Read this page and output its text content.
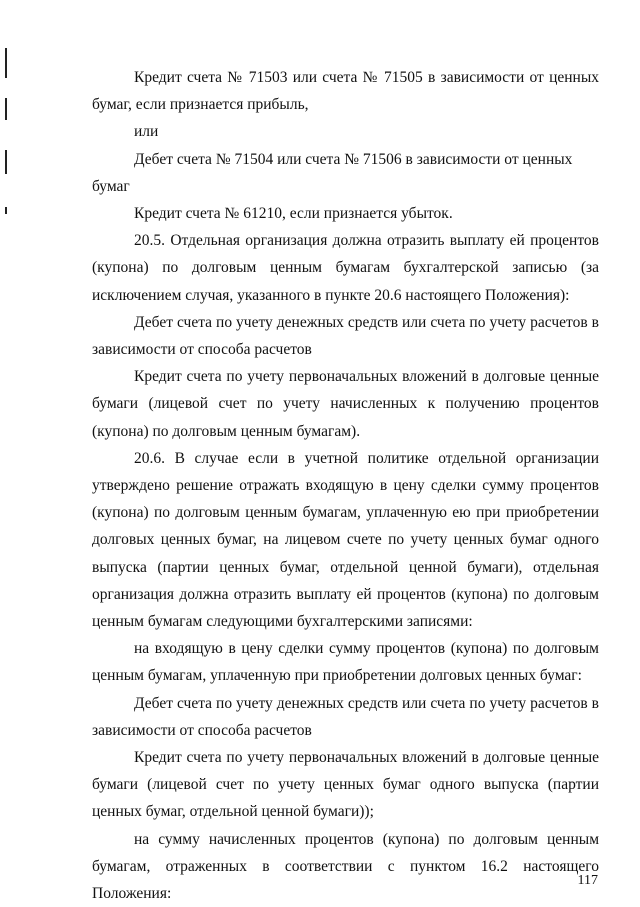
Кредит счета № 71503 или счета № 71505 в зависимости от ценных бумаг, если признается прибыль,

или

Дебет счета № 71504 или счета № 71506 в зависимости от ценных бумаг

Кредит счета № 61210, если признается убыток.

20.5. Отдельная организация должна отразить выплату ей процентов (купона) по долговым ценным бумагам бухгалтерской записью (за исключением случая, указанного в пункте 20.6 настоящего Положения):

Дебет счета по учету денежных средств или счета по учету расчетов в зависимости от способа расчетов

Кредит счета по учету первоначальных вложений в долговые ценные бумаги (лицевой счет по учету начисленных к получению процентов (купона) по долговым ценным бумагам).

20.6. В случае если в учетной политике отдельной организации утверждено решение отражать входящую в цену сделки сумму процентов (купона) по долговым ценным бумагам, уплаченную ею при приобретении долговых ценных бумаг, на лицевом счете по учету ценных бумаг одного выпуска (партии ценных бумаг, отдельной ценной бумаги), отдельная организация должна отразить выплату ей процентов (купона) по долговым ценным бумагам следующими бухгалтерскими записями:

на входящую в цену сделки сумму процентов (купона) по долговым ценным бумагам, уплаченную при приобретении долговых ценных бумаг:

Дебет счета по учету денежных средств или счета по учету расчетов в зависимости от способа расчетов

Кредит счета по учету первоначальных вложений в долговые ценные бумаги (лицевой счет по учету ценных бумаг одного выпуска (партии ценных бумаг, отдельной ценной бумаги));

на сумму начисленных процентов (купона) по долговым ценным бумагам, отраженных в соответствии с пунктом 16.2 настоящего Положения:

117
